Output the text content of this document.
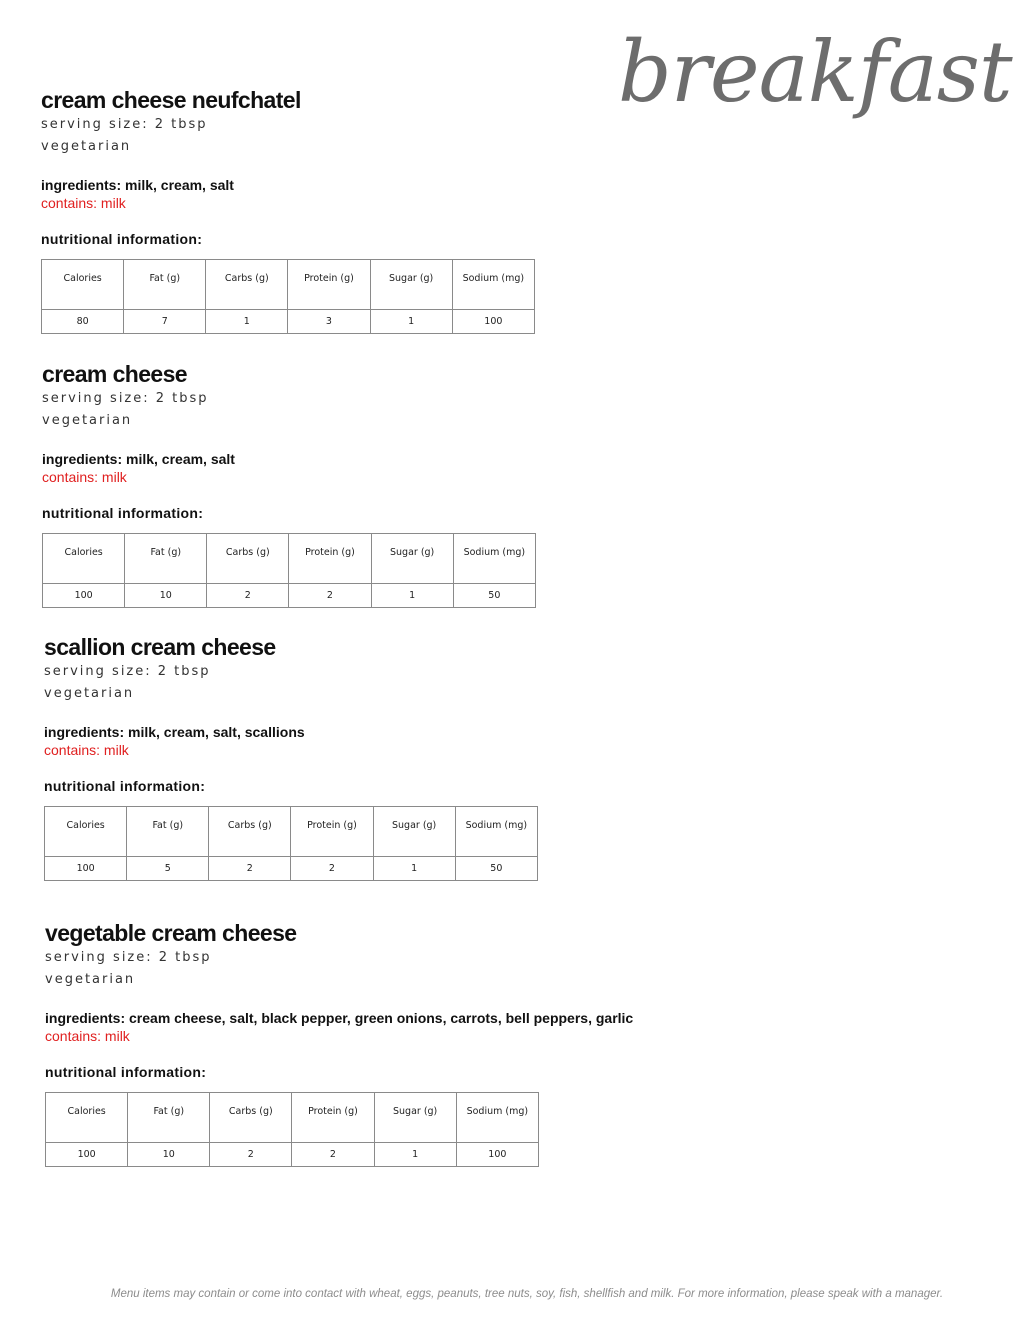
breakfast
cream cheese neufchatel
serving size: 2 tbsp
vegetarian
ingredients: milk, cream, salt
contains: milk
nutritional information:
Calories	Fat (g)	Carbs (g)	Protein (g)	Sugar (g)	Sodium (mg)
80	7	1	3	1	100
cream cheese
serving size: 2 tbsp
vegetarian
ingredients: milk, cream, salt
contains: milk
nutritional information:
Calories	Fat (g)	Carbs (g)	Protein (g)	Sugar (g)	Sodium (mg)
100	10	2	2	1	50
scallion cream cheese
serving size: 2 tbsp
vegetarian
ingredients: milk, cream, salt, scallions
contains: milk
nutritional information:
Calories	Fat (g)	Carbs (g)	Protein (g)	Sugar (g)	Sodium (mg)
100	5	2	2	1	50
vegetable cream cheese
serving size: 2 tbsp
vegetarian
ingredients: cream cheese, salt, black pepper, green onions, carrots, bell peppers, garlic
contains: milk
nutritional information:
Calories	Fat (g)	Carbs (g)	Protein (g)	Sugar (g)	Sodium (mg)
100	10	2	2	1	100
Menu items may contain or come into contact with wheat, eggs, peanuts, tree nuts, soy, fish, shellfish and milk. For more information, please speak with a manager.
